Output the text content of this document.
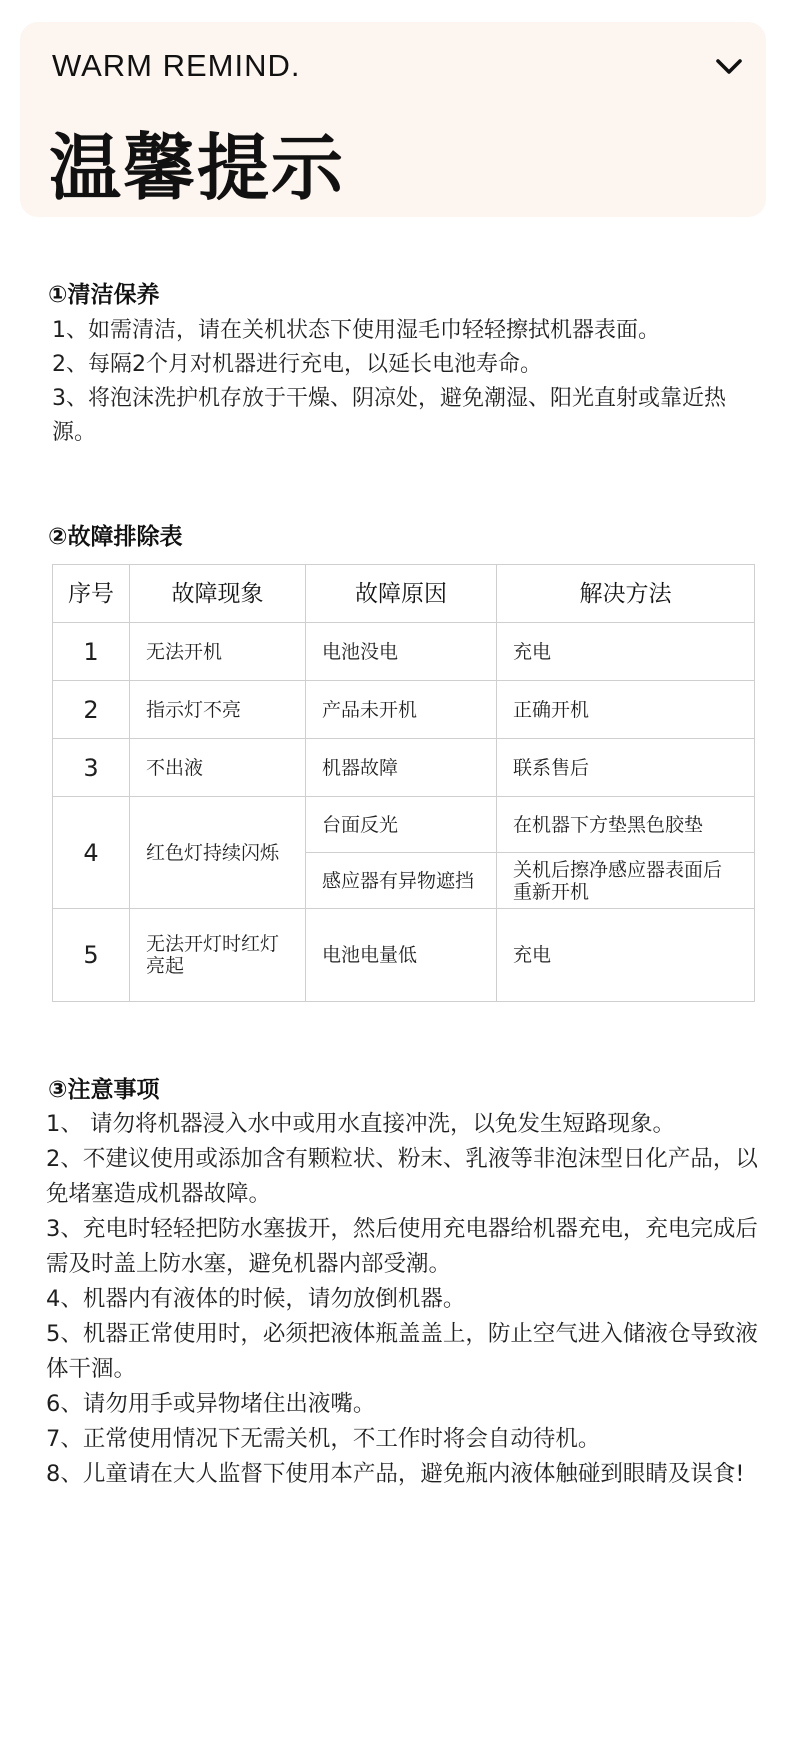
WARM REMIND.
温馨提示
①清洁保养

1、如需清洁，请在关机状态下使用湿毛巾轻轻擦拭机器表面。

2、每隔2个月对机器进行充电，以延长电池寿命。

3、将泡沫洗护机存放于干燥、阴凉处，避免潮湿、阳光直射或靠近热源。

②故障排除表
序号	故障现象	故障原因	解决方法
1	无法开机	电池没电	充电
2	指示灯不亮	产品未开机	正确开机
3	不出液	机器故障	联系售后
4	红色灯持续闪烁	台面反光	在机器下方垫黑色胶垫
		感应器有异物遮挡	关机后擦净感应器表面后重新开机
5	无法开灯时红灯亮起	电池电量低	充电
③注意事项

1、 请勿将机器浸入水中或用水直接冲洗，以免发生短路现象。

2、不建议使用或添加含有颗粒状、粉末、乳液等非泡沫型日化产品，以免堵塞造成机器故障。

3、充电时轻轻把防水塞拔开，然后使用充电器给机器充电，充电完成后需及时盖上防水塞，避免机器内部受潮。

4、机器内有液体的时候，请勿放倒机器。

5、机器正常使用时，必须把液体瓶盖盖上，防止空气进入储液仓导致液体干涸。

6、请勿用手或异物堵住出液嘴。

7、正常使用情况下无需关机，不工作时将会自动待机。

8、儿童请在大人监督下使用本产品，避免瓶内液体触碰到眼睛及误食!
